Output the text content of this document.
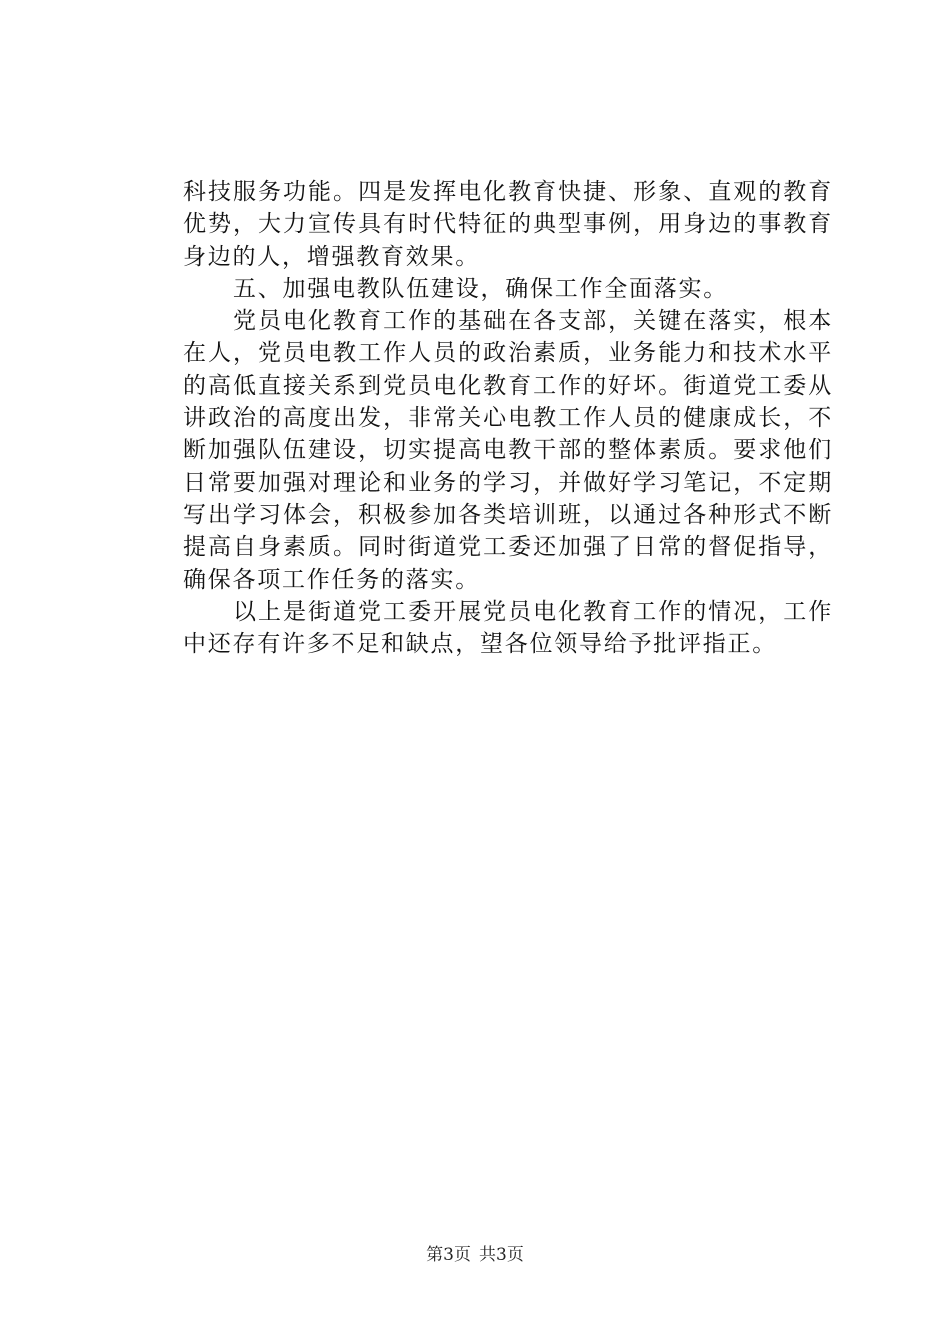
科技服务功能。四是发挥电化教育快捷、形象、直观的教育优势，大力宣传具有时代特征的典型事例，用身边的事教育身边的人，增强教育效果。

五、加强电教队伍建设，确保工作全面落实。

党员电化教育工作的基础在各支部，关键在落实，根本在人，党员电教工作人员的政治素质，业务能力和技术水平的高低直接关系到党员电化教育工作的好坏。街道党工委从讲政治的高度出发，非常关心电教工作人员的健康成长，不断加强队伍建设，切实提高电教干部的整体素质。要求他们日常要加强对理论和业务的学习，并做好学习笔记，不定期写出学习体会，积极参加各类培训班，以通过各种形式不断提高自身素质。同时街道党工委还加强了日常的督促指导，确保各项工作任务的落实。

以上是街道党工委开展党员电化教育工作的情况，工作中还存有许多不足和缺点，望各位领导给予批评指正。

第3页 共3页
